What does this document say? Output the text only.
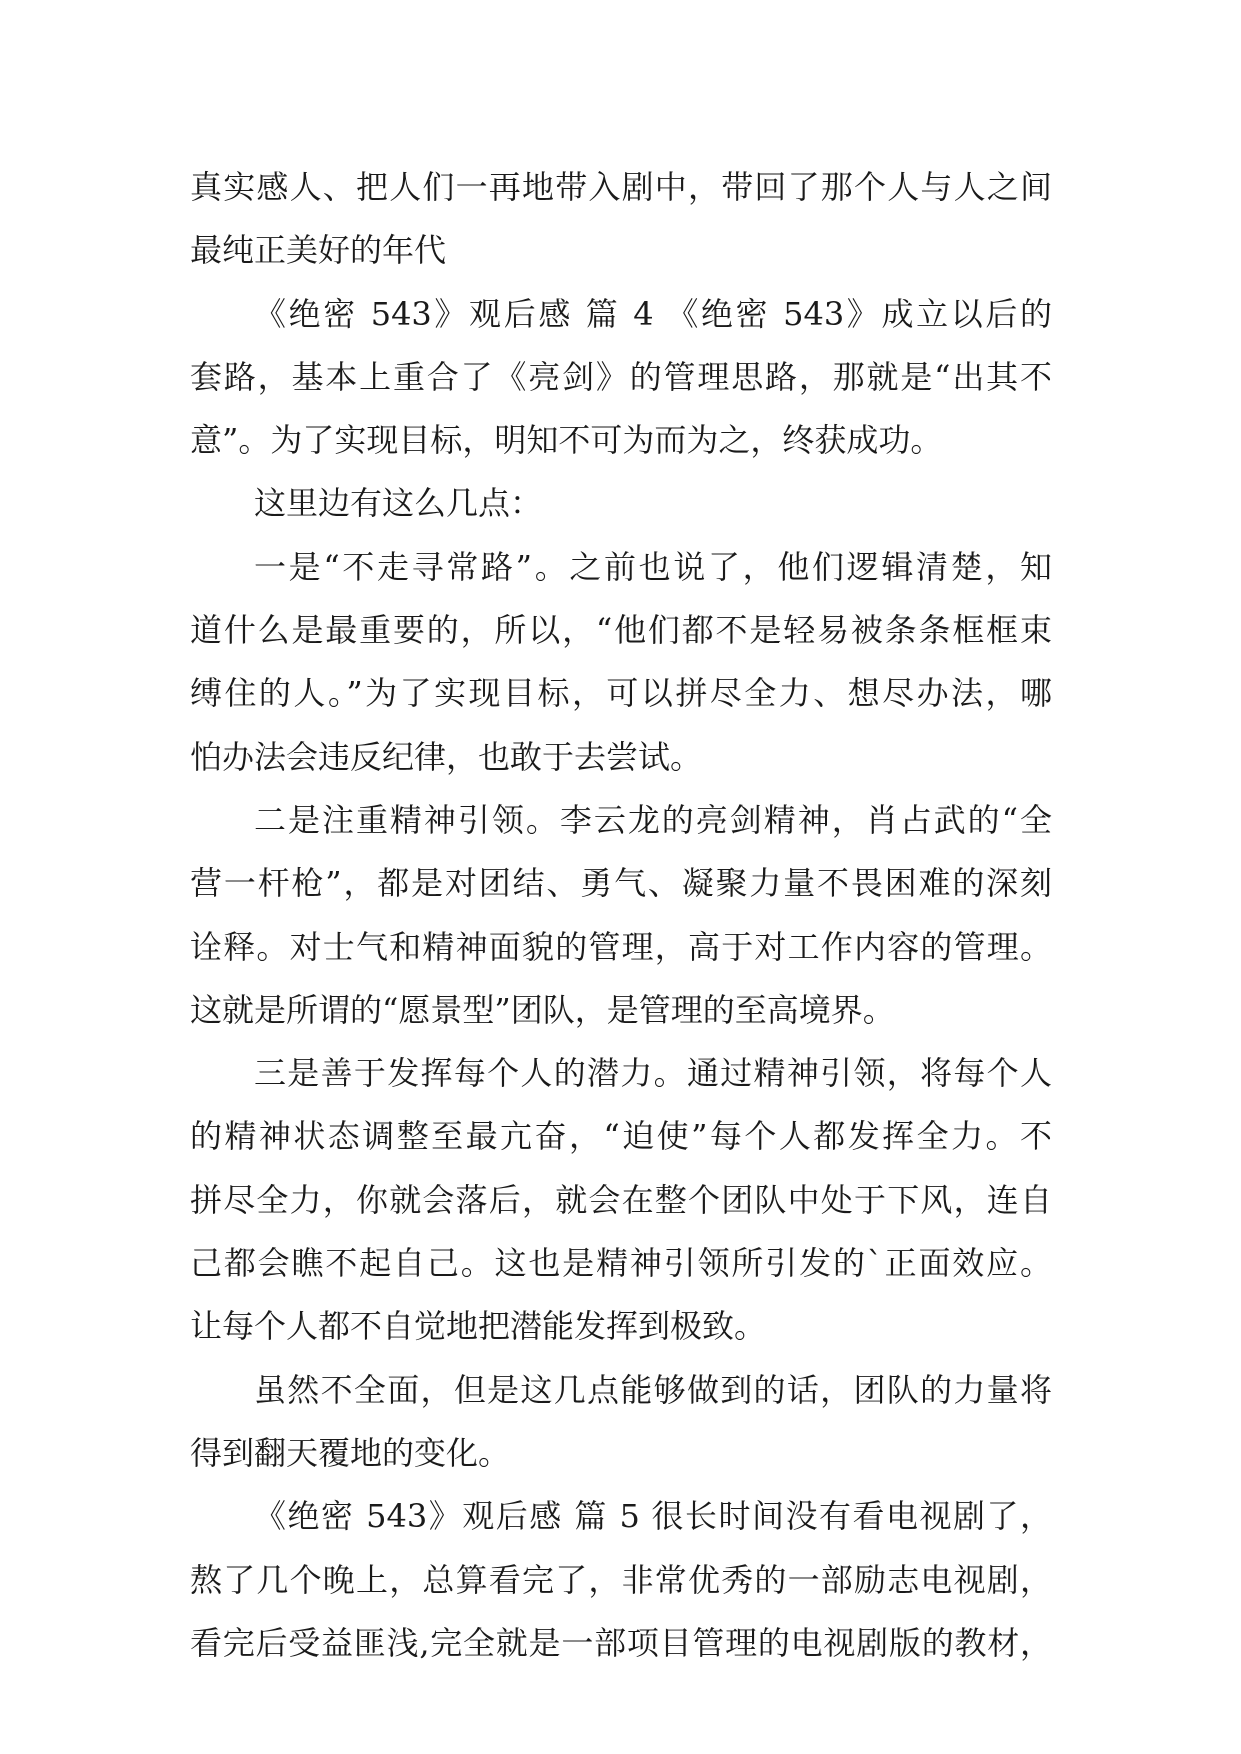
真实感人、把人们一再地带入剧中，带回了那个人与人之间
最纯正美好的年代
《绝密 543》观后感 篇 4 《绝密 543》成立以后的
套路，基本上重合了《亮剑》的管理思路，那就是“出其不
意”。为了实现目标，明知不可为而为之，终获成功。
这里边有这么几点：
一是“不走寻常路”。之前也说了，他们逻辑清楚，知
道什么是最重要的，所以，“他们都不是轻易被条条框框束
缚住的人。”为了实现目标，可以拼尽全力、想尽办法，哪
怕办法会违反纪律，也敢于去尝试。
二是注重精神引领。李云龙的亮剑精神，肖占武的“全
营一杆枪”，都是对团结、勇气、凝聚力量不畏困难的深刻
诠释。对士气和精神面貌的管理，高于对工作内容的管理。
这就是所谓的“愿景型”团队，是管理的至高境界。
三是善于发挥每个人的潜力。通过精神引领，将每个人
的精神状态调整至最亢奋，“迫使”每个人都发挥全力。不
拼尽全力，你就会落后，就会在整个团队中处于下风，连自
己都会瞧不起自己。这也是精神引领所引发的`正面效应。
让每个人都不自觉地把潜能发挥到极致。
虽然不全面，但是这几点能够做到的话，团队的力量将
得到翻天覆地的变化。
《绝密 543》观后感 篇 5 很长时间没有看电视剧了，
熬了几个晚上，总算看完了，非常优秀的一部励志电视剧，
看完后受益匪浅,完全就是一部项目管理的电视剧版的教材，
